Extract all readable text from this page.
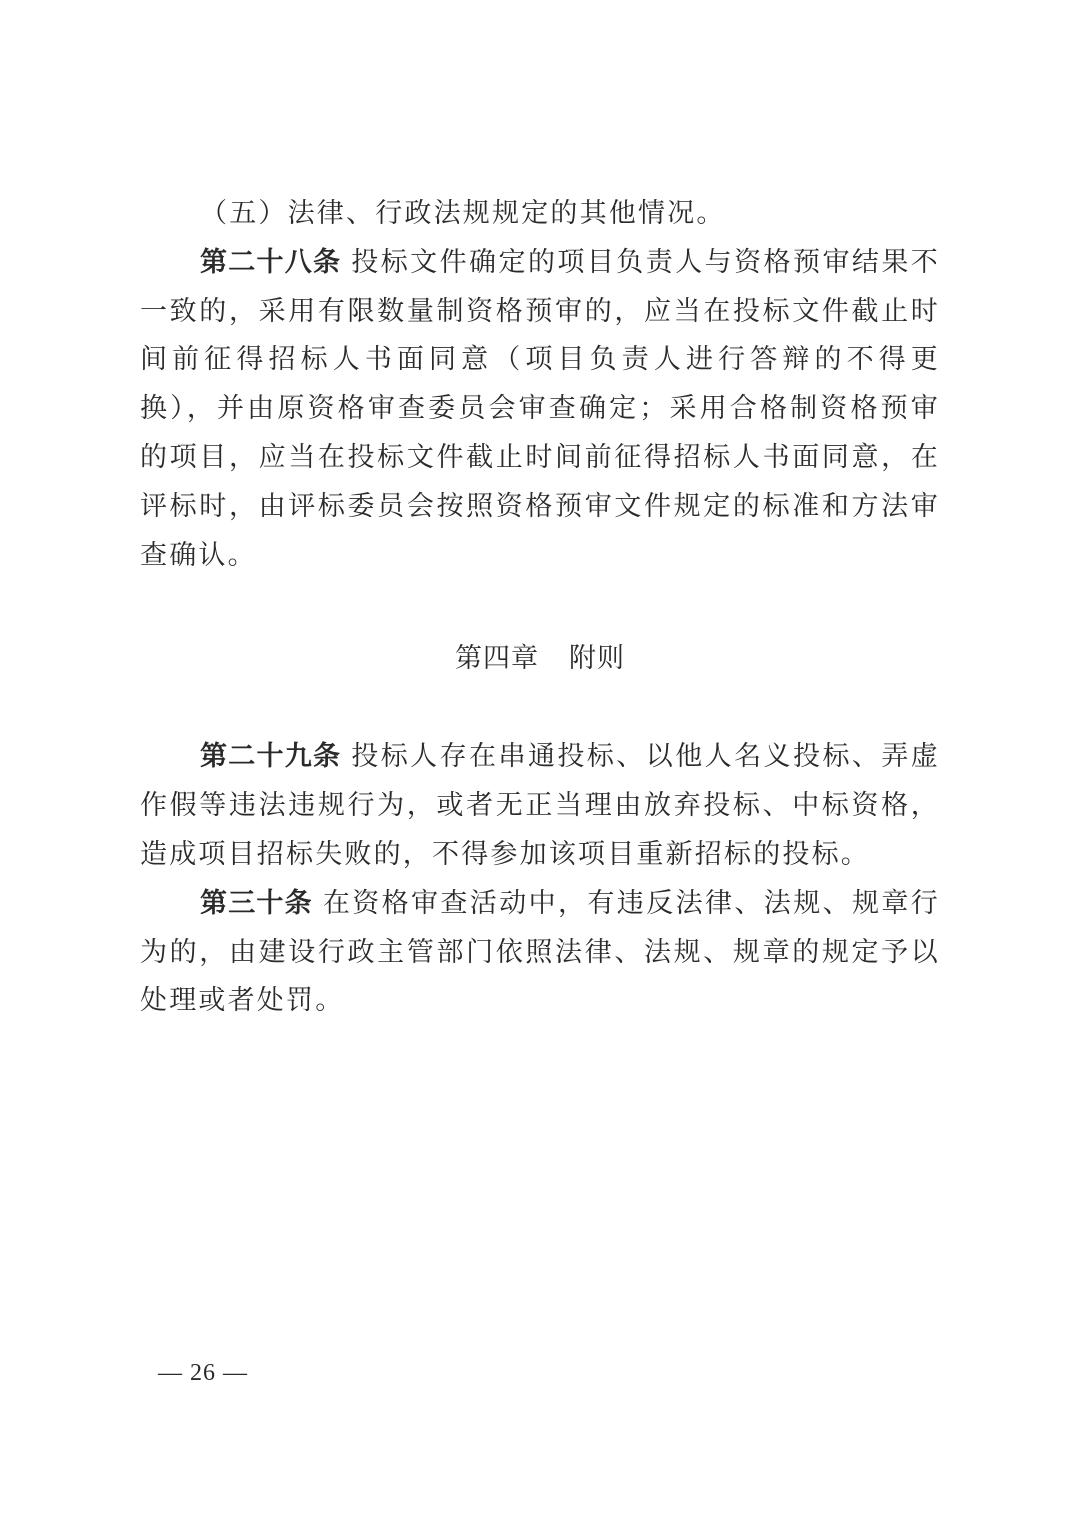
（五）法律、行政法规规定的其他情况。

第二十八条 投标文件确定的项目负责人与资格预审结果不一致的，采用有限数量制资格预审的，应当在投标文件截止时间前征得招标人书面同意（项目负责人进行答辩的不得更换），并由原资格审查委员会审查确定；采用合格制资格预审的项目，应当在投标文件截止时间前征得招标人书面同意，在评标时，由评标委员会按照资格预审文件规定的标准和方法审查确认。

第四章 附则

第二十九条 投标人存在串通投标、以他人名义投标、弄虚作假等违法违规行为，或者无正当理由放弃投标、中标资格，造成项目招标失败的，不得参加该项目重新招标的投标。

第三十条 在资格审查活动中，有违反法律、法规、规章行为的，由建设行政主管部门依照法律、法规、规章的规定予以处理或者处罚。

— 26 —
